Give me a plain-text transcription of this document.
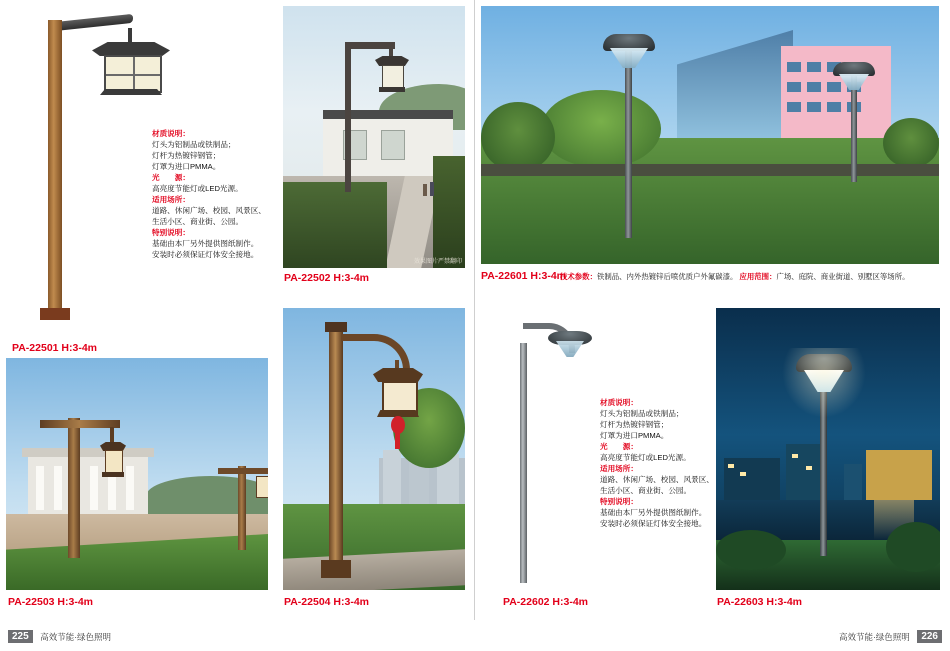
材质说明：
灯头为铝制品或铁制品；
灯杆为热镀锌钢管；
灯罩为进口PMMA。
光　　源：
高亮度节能灯或LED光源。
适用场所：
道路、休闲广场、校园、风景区、
生活小区、商业街、公园。
特别说明：
基础由本厂另外提供图纸制作。
安装时必须保证灯体安全接地。
PA-22501 H:3-4m
效果图片严禁翻印
PA-22502 H:3-4m	PA-22601 H:3-4m
技术参数：铁制品、内外热镀锌后喷优质户外氟碳漆。 应用范围：广场、庭院、商业街道、别墅区等场所。
PA-22503 H:3-4m	PA-22504 H:3-4m
材质说明：
灯头为铝制品或铁制品；
灯杆为热镀锌钢管；
灯罩为进口PMMA。
光　　源：
高亮度节能灯或LED光源。
适用场所：
道路、休闲广场、校园、风景区、
生活小区、商业街、公园。
特别说明：
基础由本厂另外提供图纸制作。
安装时必须保证灯体安全接地。
PA-22602 H:3-4m	PA-22603 H:3-4m
225 高效节能·绿色照明	高效节能·绿色照明 226
